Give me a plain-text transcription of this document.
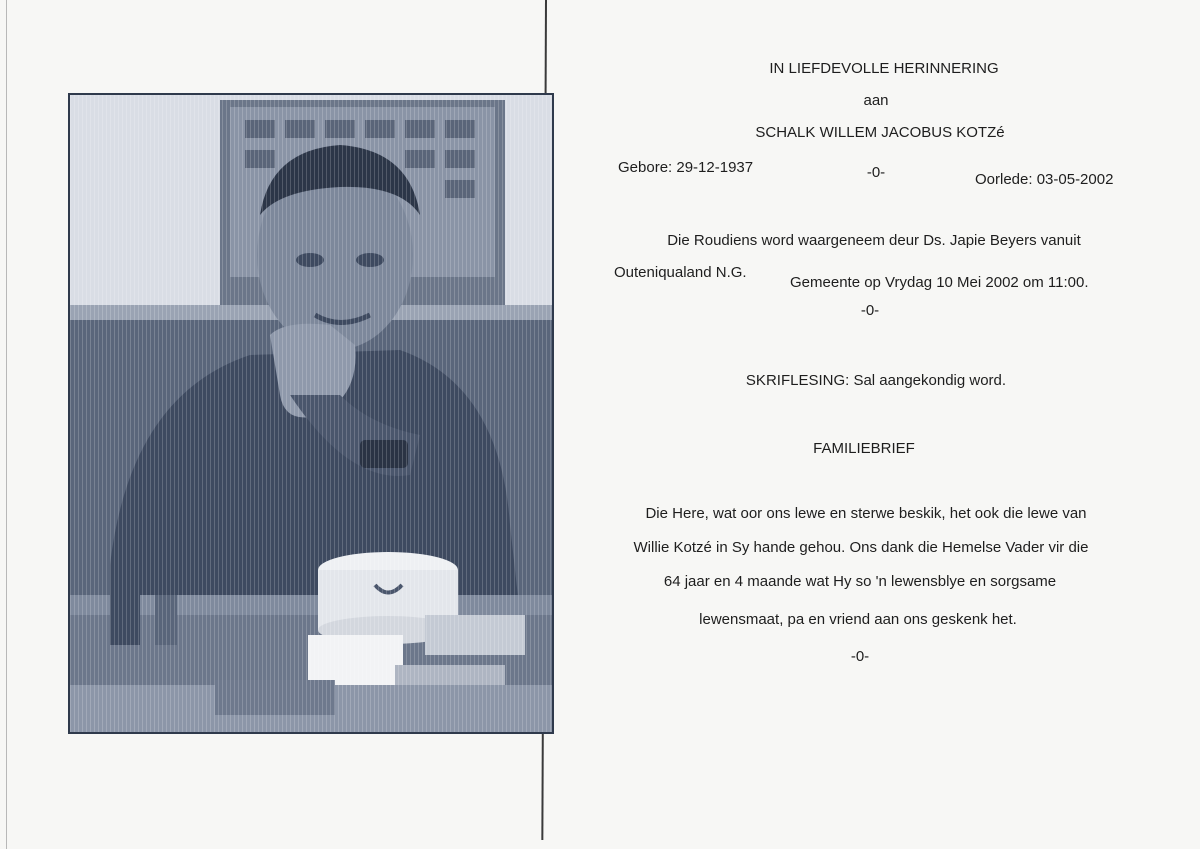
IN LIEFDEVOLLE HERINNERING
aan
SCHALK WILLEM JACOBUS KOTZé
Gebore: 29-12-1937	-0-	Oorlede: 03-05-2002
Die Roudiens word waargeneem deur Ds. Japie Beyers vanuit
Outeniqualand N.G.
Gemeente op Vrydag 10 Mei 2002 om 11:00.
-0-
SKRIFLESING: Sal aangekondig word.
FAMILIEBRIEF
Die Here, wat oor ons lewe en sterwe beskik, het ook die lewe van
Willie Kotzé in Sy hande gehou. Ons dank die Hemelse Vader vir die
64 jaar en 4 maande wat Hy so 'n lewensblye en sorgsame
lewensmaat, pa en vriend aan ons geskenk het.
-0-
